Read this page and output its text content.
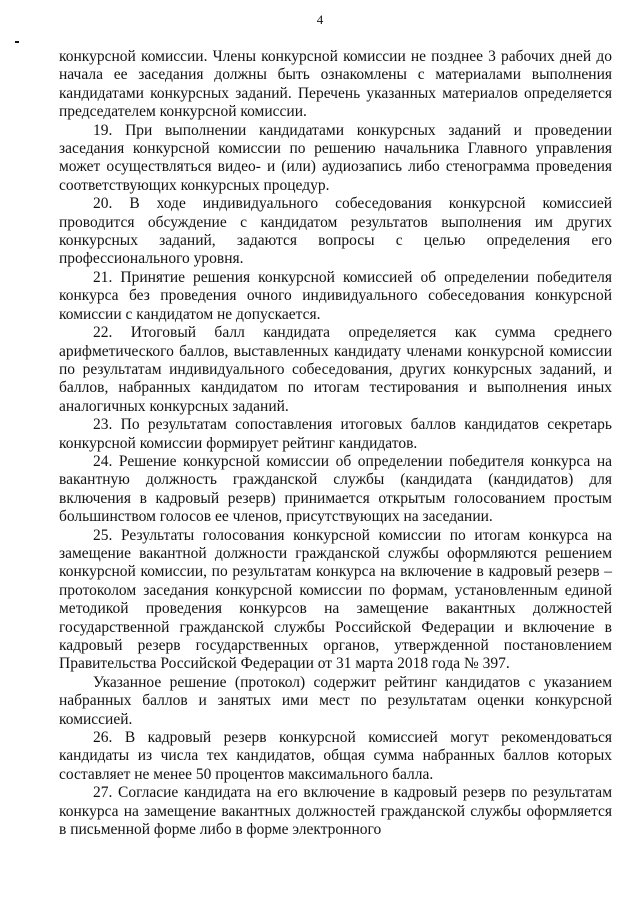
4

конкурсной комиссии. Члены конкурсной комиссии не позднее 3 рабочих дней до начала ее заседания должны быть ознакомлены с материалами выполнения кандидатами конкурсных заданий. Перечень указанных материалов определяется председателем конкурсной комиссии.

19. При выполнении кандидатами конкурсных заданий и проведении заседания конкурсной комиссии по решению начальника Главного управления может осуществляться видео- и (или) аудиозапись либо стенограмма проведения соответствующих конкурсных процедур.

20. В ходе индивидуального собеседования конкурсной комиссией проводится обсуждение с кандидатом результатов выполнения им других конкурсных заданий, задаются вопросы с целью определения его профессионального уровня.

21. Принятие решения конкурсной комиссией об определении победителя конкурса без проведения очного индивидуального собеседования конкурсной комиссии с кандидатом не допускается.

22. Итоговый балл кандидата определяется как сумма среднего арифметического баллов, выставленных кандидату членами конкурсной комиссии по результатам индивидуального собеседования, других конкурсных заданий, и баллов, набранных кандидатом по итогам тестирования и выполнения иных аналогичных конкурсных заданий.

23. По результатам сопоставления итоговых баллов кандидатов секретарь конкурсной комиссии формирует рейтинг кандидатов.

24. Решение конкурсной комиссии об определении победителя конкурса на вакантную должность гражданской службы (кандидата (кандидатов) для включения в кадровый резерв) принимается открытым голосованием простым большинством голосов ее членов, присутствующих на заседании.

25. Результаты голосования конкурсной комиссии по итогам конкурса на замещение вакантной должности гражданской службы оформляются решением конкурсной комиссии, по результатам конкурса на включение в кадровый резерв – протоколом заседания конкурсной комиссии по формам, установленным единой методикой проведения конкурсов на замещение вакантных должностей государственной гражданской службы Российской Федерации и включение в кадровый резерв государственных органов, утвержденной постановлением Правительства Российской Федерации от 31 марта 2018 года № 397.

Указанное решение (протокол) содержит рейтинг кандидатов с указанием набранных баллов и занятых ими мест по результатам оценки конкурсной комиссией.

26. В кадровый резерв конкурсной комиссией могут рекомендоваться кандидаты из числа тех кандидатов, общая сумма набранных баллов которых составляет не менее 50 процентов максимального балла.

27. Согласие кандидата на его включение в кадровый резерв по результатам конкурса на замещение вакантных должностей гражданской службы оформляется в письменной форме либо в форме электронного
